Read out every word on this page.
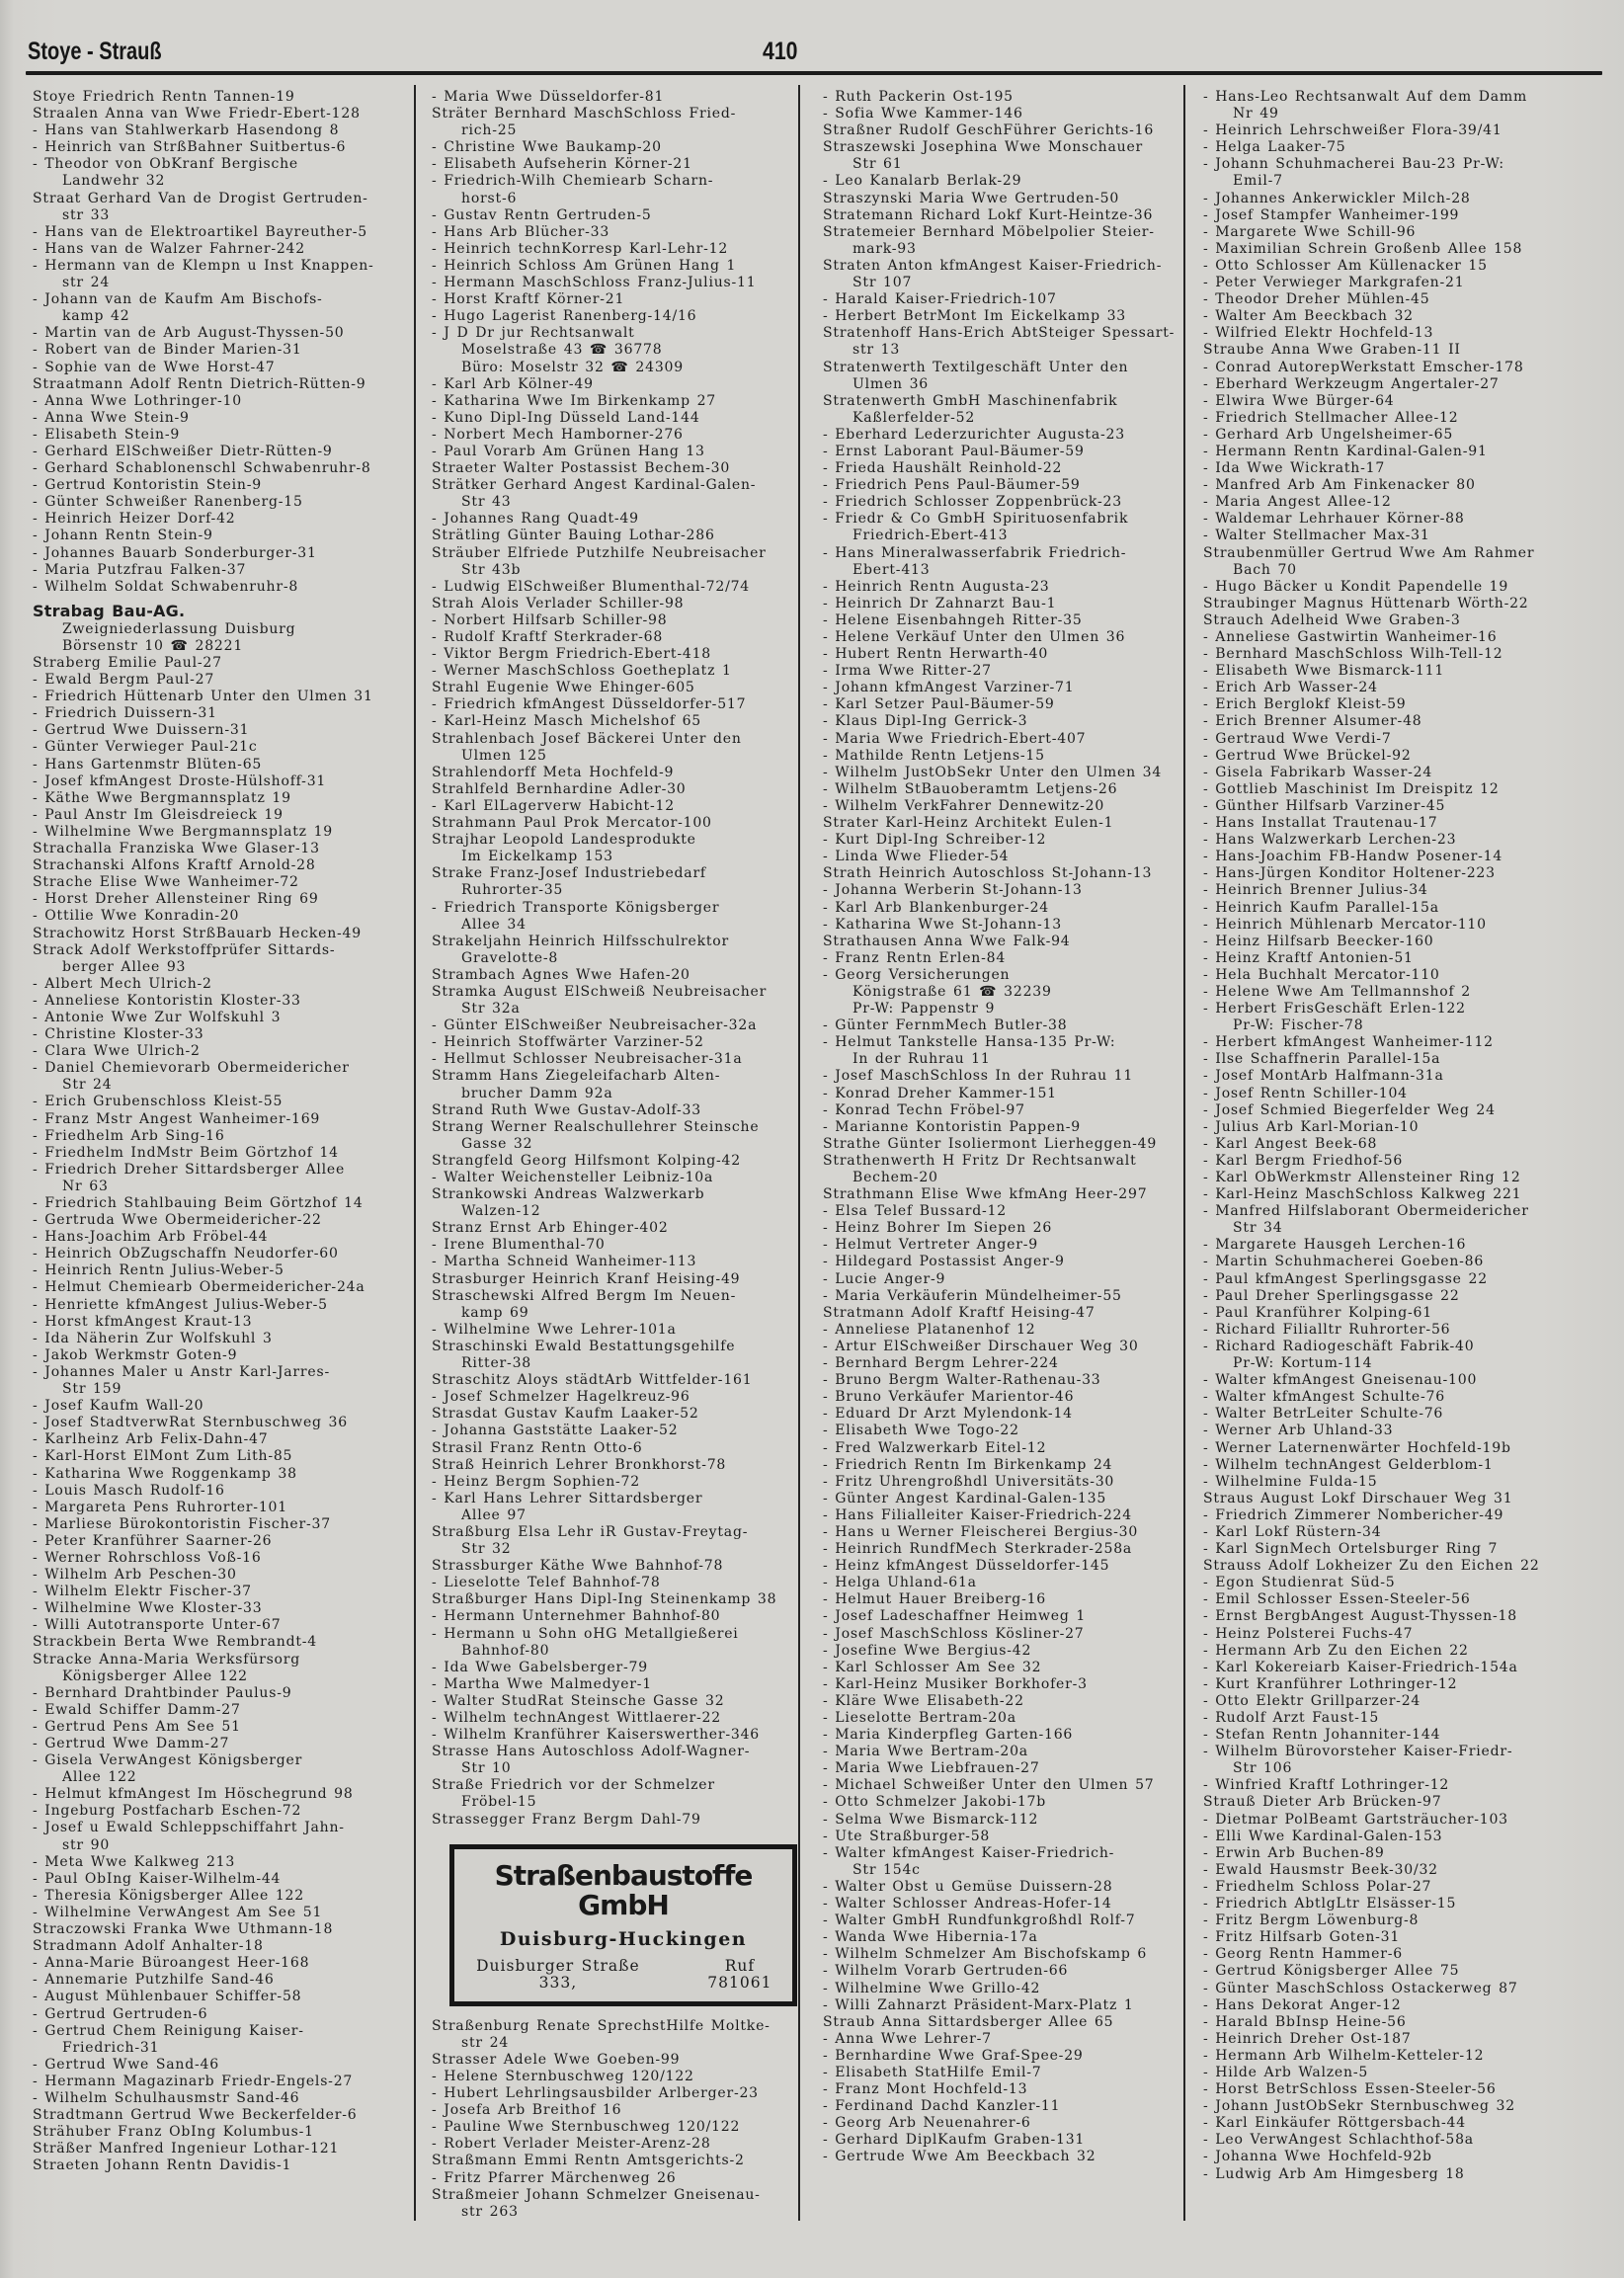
Stoye - Strauß	410
Stoye Friedrich Rentn Tannen-19
Straalen Anna van Wwe Friedr-Ebert-128
- Hans van Stahlwerkarb Hasendong 8
- Heinrich van StrßBahner Suitbertus-6
- Theodor von ObKranf Bergische
Landwehr 32
Straat Gerhard Van de Drogist Gertruden-
str 33
- Hans van de Elektroartikel Bayreuther-5
- Hans van de Walzer Fahrner-242
- Hermann van de Klempn u Inst Knappen-
str 24
- Johann van de Kaufm Am Bischofs-
kamp 42
- Martin van de Arb August-Thyssen-50
- Robert van de Binder Marien-31
- Sophie van de Wwe Horst-47
Straatmann Adolf Rentn Dietrich-Rütten-9
- Anna Wwe Lothringer-10
- Anna Wwe Stein-9
- Elisabeth Stein-9
- Gerhard ElSchweißer Dietr-Rütten-9
- Gerhard Schablonenschl Schwabenruhr-8
- Gertrud Kontoristin Stein-9
- Günter Schweißer Ranenberg-15
- Heinrich Heizer Dorf-42
- Johann Rentn Stein-9
- Johannes Bauarb Sonderburger-31
- Maria Putzfrau Falken-37
- Wilhelm Soldat Schwabenruhr-8
Strabag Bau-AG.
Zweigniederlassung Duisburg
Börsenstr 10 ☎ 28221
Straberg Emilie Paul-27
- Ewald Bergm Paul-27
- Friedrich Hüttenarb Unter den Ulmen 31
- Friedrich Duissern-31
- Gertrud Wwe Duissern-31
- Günter Verwieger Paul-21c
- Hans Gartenmstr Blüten-65
- Josef kfmAngest Droste-Hülshoff-31
- Käthe Wwe Bergmannsplatz 19
- Paul Anstr Im Gleisdreieck 19
- Wilhelmine Wwe Bergmannsplatz 19
Strachalla Franziska Wwe Glaser-13
Strachanski Alfons Kraftf Arnold-28
Strache Elise Wwe Wanheimer-72
- Horst Dreher Allensteiner Ring 69
- Ottilie Wwe Konradin-20
Strachowitz Horst StrßBauarb Hecken-49
Strack Adolf Werkstoffprüfer Sittards-
berger Allee 93
- Albert Mech Ulrich-2
- Anneliese Kontoristin Kloster-33
- Antonie Wwe Zur Wolfskuhl 3
- Christine Kloster-33
- Clara Wwe Ulrich-2
- Daniel Chemievorarb Obermeidericher
Str 24
- Erich Grubenschloss Kleist-55
- Franz Mstr Angest Wanheimer-169
- Friedhelm Arb Sing-16
- Friedhelm IndMstr Beim Görtzhof 14
- Friedrich Dreher Sittardsberger Allee
Nr 63
- Friedrich Stahlbauing Beim Görtzhof 14
- Gertruda Wwe Obermeidericher-22
- Hans-Joachim Arb Fröbel-44
- Heinrich ObZugschaffn Neudorfer-60
- Heinrich Rentn Julius-Weber-5
- Helmut Chemiearb Obermeidericher-24a
- Henriette kfmAngest Julius-Weber-5
- Horst kfmAngest Kraut-13
- Ida Näherin Zur Wolfskuhl 3
- Jakob Werkmstr Goten-9
- Johannes Maler u Anstr Karl-Jarres-
Str 159
- Josef Kaufm Wall-20
- Josef StadtverwRat Sternbuschweg 36
- Karlheinz Arb Felix-Dahn-47
- Karl-Horst ElMont Zum Lith-85
- Katharina Wwe Roggenkamp 38
- Louis Masch Rudolf-16
- Margareta Pens Ruhrorter-101
- Marliese Bürokontoristin Fischer-37
- Peter Kranführer Saarner-26
- Werner Rohrschloss Voß-16
- Wilhelm Arb Peschen-30
- Wilhelm Elektr Fischer-37
- Wilhelmine Wwe Kloster-33
- Willi Autotransporte Unter-67
Strackbein Berta Wwe Rembrandt-4
Stracke Anna-Maria Werksfürsorg
Königsberger Allee 122
- Bernhard Drahtbinder Paulus-9
- Ewald Schiffer Damm-27
- Gertrud Pens Am See 51
- Gertrud Wwe Damm-27
- Gisela VerwAngest Königsberger
Allee 122
- Helmut kfmAngest Im Höschegrund 98
- Ingeburg Postfacharb Eschen-72
- Josef u Ewald Schleppschiffahrt Jahn-
str 90
- Meta Wwe Kalkweg 213
- Paul ObIng Kaiser-Wilhelm-44
- Theresia Königsberger Allee 122
- Wilhelmine VerwAngest Am See 51
Straczowski Franka Wwe Uthmann-18
Stradmann Adolf Anhalter-18
- Anna-Marie Büroangest Heer-168
- Annemarie Putzhilfe Sand-46
- August Mühlenbauer Schiffer-58
- Gertrud Gertruden-6
- Gertrud Chem Reinigung Kaiser-
Friedrich-31
- Gertrud Wwe Sand-46
- Hermann Magazinarb Friedr-Engels-27
- Wilhelm Schulhausmstr Sand-46
Stradtmann Gertrud Wwe Beckerfelder-6
Strähuber Franz ObIng Kolumbus-1
Sträßer Manfred Ingenieur Lothar-121
Straeten Johann Rentn Davidis-1
- Maria Wwe Düsseldorfer-81
Sträter Bernhard MaschSchloss Fried-
rich-25
- Christine Wwe Baukamp-20
- Elisabeth Aufseherin Körner-21
- Friedrich-Wilh Chemiearb Scharn-
horst-6
- Gustav Rentn Gertruden-5
- Hans Arb Blücher-33
- Heinrich technKorresp Karl-Lehr-12
- Heinrich Schloss Am Grünen Hang 1
- Hermann MaschSchloss Franz-Julius-11
- Horst Kraftf Körner-21
- Hugo Lagerist Ranenberg-14/16
- J D Dr jur Rechtsanwalt
Moselstraße 43 ☎ 36778
Büro: Moselstr 32 ☎ 24309
- Karl Arb Kölner-49
- Katharina Wwe Im Birkenkamp 27
- Kuno Dipl-Ing Düsseld Land-144
- Norbert Mech Hamborner-276
- Paul Vorarb Am Grünen Hang 13
Straeter Walter Postassist Bechem-30
Strätker Gerhard Angest Kardinal-Galen-
Str 43
- Johannes Rang Quadt-49
Strätling Günter Bauing Lothar-286
Sträuber Elfriede Putzhilfe Neubreisacher
Str 43b
- Ludwig ElSchweißer Blumenthal-72/74
Strah Alois Verlader Schiller-98
- Norbert Hilfsarb Schiller-98
- Rudolf Kraftf Sterkrader-68
- Viktor Bergm Friedrich-Ebert-418
- Werner MaschSchloss Goetheplatz 1
Strahl Eugenie Wwe Ehinger-605
- Friedrich kfmAngest Düsseldorfer-517
- Karl-Heinz Masch Michelshof 65
Strahlenbach Josef Bäckerei Unter den
Ulmen 125
Strahlendorff Meta Hochfeld-9
Strahlfeld Bernhardine Adler-30
- Karl ElLagerverw Habicht-12
Strahmann Paul Prok Mercator-100
Strajhar Leopold Landesprodukte
Im Eickelkamp 153
Strake Franz-Josef Industriebedarf
Ruhrorter-35
- Friedrich Transporte Königsberger
Allee 34
Strakeljahn Heinrich Hilfsschulrektor
Gravelotte-8
Strambach Agnes Wwe Hafen-20
Stramka August ElSchweiß Neubreisacher
Str 32a
- Günter ElSchweißer Neubreisacher-32a
- Heinrich Stoffwärter Varziner-52
- Hellmut Schlosser Neubreisacher-31a
Stramm Hans Ziegeleifacharb Alten-
brucher Damm 92a
Strand Ruth Wwe Gustav-Adolf-33
Strang Werner Realschullehrer Steinsche
Gasse 32
Strangfeld Georg Hilfsmont Kolping-42
- Walter Weichensteller Leibniz-10a
Strankowski Andreas Walzwerkarb
Walzen-12
Stranz Ernst Arb Ehinger-402
- Irene Blumenthal-70
- Martha Schneid Wanheimer-113
Strasburger Heinrich Kranf Heising-49
Straschewski Alfred Bergm Im Neuen-
kamp 69
- Wilhelmine Wwe Lehrer-101a
Straschinski Ewald Bestattungsgehilfe
Ritter-38
Straschitz Aloys städtArb Wittfelder-161
- Josef Schmelzer Hagelkreuz-96
Strasdat Gustav Kaufm Laaker-52
- Johanna Gaststätte Laaker-52
Strasil Franz Rentn Otto-6
Straß Heinrich Lehrer Bronkhorst-78
- Heinz Bergm Sophien-72
- Karl Hans Lehrer Sittardsberger
Allee 97
Straßburg Elsa Lehr iR Gustav-Freytag-
Str 32
Strassburger Käthe Wwe Bahnhof-78
- Lieselotte Telef Bahnhof-78
Straßburger Hans Dipl-Ing Steinenkamp 38
- Hermann Unternehmer Bahnhof-80
- Hermann u Sohn oHG Metallgießerei
Bahnhof-80
- Ida Wwe Gabelsberger-79
- Martha Wwe Malmedyer-1
- Walter StudRat Steinsche Gasse 32
- Wilhelm technAngest Wittlaerer-22
- Wilhelm Kranführer Kaiserswerther-346
Strasse Hans Autoschloss Adolf-Wagner-
Str 10
Straße Friedrich vor der Schmelzer
Fröbel-15
Strassegger Franz Bergm Dahl-79
Straßenbaustoffe GmbH
Duisburg-Huckingen
Duisburger Straße 333,
Ruf 781061
Straßenburg Renate SprechstHilfe Moltke-
str 24
Strasser Adele Wwe Goeben-99
- Helene Sternbuschweg 120/122
- Hubert Lehrlingsausbilder Arlberger-23
- Josefa Arb Breithof 16
- Pauline Wwe Sternbuschweg 120/122
- Robert Verlader Meister-Arenz-28
Straßmann Emmi Rentn Amtsgerichts-2
- Fritz Pfarrer Märchenweg 26
Straßmeier Johann Schmelzer Gneisenau-
str 263
- Ruth Packerin Ost-195
- Sofia Wwe Kammer-146
Straßner Rudolf GeschFührer Gerichts-16
Straszewski Josephina Wwe Monschauer
Str 61
- Leo Kanalarb Berlak-29
Straszynski Maria Wwe Gertruden-50
Stratemann Richard Lokf Kurt-Heintze-36
Stratemeier Bernhard Möbelpolier Steier-
mark-93
Straten Anton kfmAngest Kaiser-Friedrich-
Str 107
- Harald Kaiser-Friedrich-107
- Herbert BetrMont Im Eickelkamp 33
Stratenhoff Hans-Erich AbtSteiger Spessart-
str 13
Stratenwerth Textilgeschäft Unter den
Ulmen 36
Stratenwerth GmbH Maschinenfabrik
Kaßlerfelder-52
- Eberhard Lederzurichter Augusta-23
- Ernst Laborant Paul-Bäumer-59
- Frieda Haushält Reinhold-22
- Friedrich Pens Paul-Bäumer-59
- Friedrich Schlosser Zoppenbrück-23
- Friedr & Co GmbH Spirituosenfabrik
Friedrich-Ebert-413
- Hans Mineralwasserfabrik Friedrich-
Ebert-413
- Heinrich Rentn Augusta-23
- Heinrich Dr Zahnarzt Bau-1
- Helene Eisenbahngeh Ritter-35
- Helene Verkäuf Unter den Ulmen 36
- Hubert Rentn Herwarth-40
- Irma Wwe Ritter-27
- Johann kfmAngest Varziner-71
- Karl Setzer Paul-Bäumer-59
- Klaus Dipl-Ing Gerrick-3
- Maria Wwe Friedrich-Ebert-407
- Mathilde Rentn Letjens-15
- Wilhelm JustObSekr Unter den Ulmen 34
- Wilhelm StBauoberamtm Letjens-26
- Wilhelm VerkFahrer Dennewitz-20
Strater Karl-Heinz Architekt Eulen-1
- Kurt Dipl-Ing Schreiber-12
- Linda Wwe Flieder-54
Strath Heinrich Autoschloss St-Johann-13
- Johanna Werberin St-Johann-13
- Karl Arb Blankenburger-24
- Katharina Wwe St-Johann-13
Strathausen Anna Wwe Falk-94
- Franz Rentn Erlen-84
- Georg Versicherungen
Königstraße 61 ☎ 32239
Pr-W: Pappenstr 9
- Günter FernmMech Butler-38
- Helmut Tankstelle Hansa-135 Pr-W:
In der Ruhrau 11
- Josef MaschSchloss In der Ruhrau 11
- Konrad Dreher Kammer-151
- Konrad Techn Fröbel-97
- Marianne Kontoristin Pappen-9
Strathe Günter Isoliermont Lierheggen-49
Strathenwerth H Fritz Dr Rechtsanwalt
Bechem-20
Strathmann Elise Wwe kfmAng Heer-297
- Elsa Telef Bussard-12
- Heinz Bohrer Im Siepen 26
- Helmut Vertreter Anger-9
- Hildegard Postassist Anger-9
- Lucie Anger-9
- Maria Verkäuferin Mündelheimer-55
Stratmann Adolf Kraftf Heising-47
- Anneliese Platanenhof 12
- Artur ElSchweißer Dirschauer Weg 30
- Bernhard Bergm Lehrer-224
- Bruno Bergm Walter-Rathenau-33
- Bruno Verkäufer Marientor-46
- Eduard Dr Arzt Mylendonk-14
- Elisabeth Wwe Togo-22
- Fred Walzwerkarb Eitel-12
- Friedrich Rentn Im Birkenkamp 24
- Fritz Uhrengroßhdl Universitäts-30
- Günter Angest Kardinal-Galen-135
- Hans Filialleiter Kaiser-Friedrich-224
- Hans u Werner Fleischerei Bergius-30
- Heinrich RundfMech Sterkrader-258a
- Heinz kfmAngest Düsseldorfer-145
- Helga Uhland-61a
- Helmut Hauer Breiberg-16
- Josef Ladeschaffner Heimweg 1
- Josef MaschSchloss Kösliner-27
- Josefine Wwe Bergius-42
- Karl Schlosser Am See 32
- Karl-Heinz Musiker Borkhofer-3
- Kläre Wwe Elisabeth-22
- Lieselotte Bertram-20a
- Maria Kinderpfleg Garten-166
- Maria Wwe Bertram-20a
- Maria Wwe Liebfrauen-27
- Michael Schweißer Unter den Ulmen 57
- Otto Schmelzer Jakobi-17b
- Selma Wwe Bismarck-112
- Ute Straßburger-58
- Walter kfmAngest Kaiser-Friedrich-
Str 154c
- Walter Obst u Gemüse Duissern-28
- Walter Schlosser Andreas-Hofer-14
- Walter GmbH Rundfunkgroßhdl Rolf-7
- Wanda Wwe Hibernia-17a
- Wilhelm Schmelzer Am Bischofskamp 6
- Wilhelm Vorarb Gertruden-66
- Wilhelmine Wwe Grillo-42
- Willi Zahnarzt Präsident-Marx-Platz 1
Straub Anna Sittardsberger Allee 65
- Anna Wwe Lehrer-7
- Bernhardine Wwe Graf-Spee-29
- Elisabeth StatHilfe Emil-7
- Franz Mont Hochfeld-13
- Ferdinand Dachd Kanzler-11
- Georg Arb Neuenahrer-6
- Gerhard DiplKaufm Graben-131
- Gertrude Wwe Am Beeckbach 32
- Hans-Leo Rechtsanwalt Auf dem Damm
Nr 49
- Heinrich Lehrschweißer Flora-39/41
- Helga Laaker-75
- Johann Schuhmacherei Bau-23 Pr-W:
Emil-7
- Johannes Ankerwickler Milch-28
- Josef Stampfer Wanheimer-199
- Margarete Wwe Schill-96
- Maximilian Schrein Großenb Allee 158
- Otto Schlosser Am Küllenacker 15
- Peter Verwieger Markgrafen-21
- Theodor Dreher Mühlen-45
- Walter Am Beeckbach 32
- Wilfried Elektr Hochfeld-13
Straube Anna Wwe Graben-11 II
- Conrad AutorepWerkstatt Emscher-178
- Eberhard Werkzeugm Angertaler-27
- Elwira Wwe Bürger-64
- Friedrich Stellmacher Allee-12
- Gerhard Arb Ungelsheimer-65
- Hermann Rentn Kardinal-Galen-91
- Ida Wwe Wickrath-17
- Manfred Arb Am Finkenacker 80
- Maria Angest Allee-12
- Waldemar Lehrhauer Körner-88
- Walter Stellmacher Max-31
Straubenmüller Gertrud Wwe Am Rahmer
Bach 70
- Hugo Bäcker u Kondit Papendelle 19
Straubinger Magnus Hüttenarb Wörth-22
Strauch Adelheid Wwe Graben-3
- Anneliese Gastwirtin Wanheimer-16
- Bernhard MaschSchloss Wilh-Tell-12
- Elisabeth Wwe Bismarck-111
- Erich Arb Wasser-24
- Erich Berglokf Kleist-59
- Erich Brenner Alsumer-48
- Gertraud Wwe Verdi-7
- Gertrud Wwe Brückel-92
- Gisela Fabrikarb Wasser-24
- Gottlieb Maschinist Im Dreispitz 12
- Günther Hilfsarb Varziner-45
- Hans Installat Trautenau-17
- Hans Walzwerkarb Lerchen-23
- Hans-Joachim FB-Handw Posener-14
- Hans-Jürgen Konditor Holtener-223
- Heinrich Brenner Julius-34
- Heinrich Kaufm Parallel-15a
- Heinrich Mühlenarb Mercator-110
- Heinz Hilfsarb Beecker-160
- Heinz Kraftf Antonien-51
- Hela Buchhalt Mercator-110
- Helene Wwe Am Tellmannshof 2
- Herbert FrisGeschäft Erlen-122
Pr-W: Fischer-78
- Herbert kfmAngest Wanheimer-112
- Ilse Schaffnerin Parallel-15a
- Josef MontArb Halfmann-31a
- Josef Rentn Schiller-104
- Josef Schmied Biegerfelder Weg 24
- Julius Arb Karl-Morian-10
- Karl Angest Beek-68
- Karl Bergm Friedhof-56
- Karl ObWerkmstr Allensteiner Ring 12
- Karl-Heinz MaschSchloss Kalkweg 221
- Manfred Hilfslaborant Obermeidericher
Str 34
- Margarete Hausgeh Lerchen-16
- Martin Schuhmacherei Goeben-86
- Paul kfmAngest Sperlingsgasse 22
- Paul Dreher Sperlingsgasse 22
- Paul Kranführer Kolping-61
- Richard Filialltr Ruhrorter-56
- Richard Radiogeschäft Fabrik-40
Pr-W: Kortum-114
- Walter kfmAngest Gneisenau-100
- Walter kfmAngest Schulte-76
- Walter BetrLeiter Schulte-76
- Werner Arb Uhland-33
- Werner Laternenwärter Hochfeld-19b
- Wilhelm technAngest Gelderblom-1
- Wilhelmine Fulda-15
Straus August Lokf Dirschauer Weg 31
- Friedrich Zimmerer Nombericher-49
- Karl Lokf Rüstern-34
- Karl SignMech Ortelsburger Ring 7
Strauss Adolf Lokheizer Zu den Eichen 22
- Egon Studienrat Süd-5
- Emil Schlosser Essen-Steeler-56
- Ernst BergbAngest August-Thyssen-18
- Heinz Polsterei Fuchs-47
- Hermann Arb Zu den Eichen 22
- Karl Kokereiarb Kaiser-Friedrich-154a
- Kurt Kranführer Lothringer-12
- Otto Elektr Grillparzer-24
- Rudolf Arzt Faust-15
- Stefan Rentn Johanniter-144
- Wilhelm Bürovorsteher Kaiser-Friedr-
Str 106
- Winfried Kraftf Lothringer-12
Strauß Dieter Arb Brücken-97
- Dietmar PolBeamt Gartsträucher-103
- Elli Wwe Kardinal-Galen-153
- Erwin Arb Buchen-89
- Ewald Hausmstr Beek-30/32
- Friedhelm Schloss Polar-27
- Friedrich AbtlgLtr Elsässer-15
- Fritz Bergm Löwenburg-8
- Fritz Hilfsarb Goten-31
- Georg Rentn Hammer-6
- Gertrud Königsberger Allee 75
- Günter MaschSchloss Ostackerweg 87
- Hans Dekorat Anger-12
- Harald BbInsp Heine-56
- Heinrich Dreher Ost-187
- Hermann Arb Wilhelm-Ketteler-12
- Hilde Arb Walzen-5
- Horst BetrSchloss Essen-Steeler-56
- Johann JustObSekr Sternbuschweg 32
- Karl Einkäufer Röttgersbach-44
- Leo VerwAngest Schlachthof-58a
- Johanna Wwe Hochfeld-92b
- Ludwig Arb Am Himgesberg 18
